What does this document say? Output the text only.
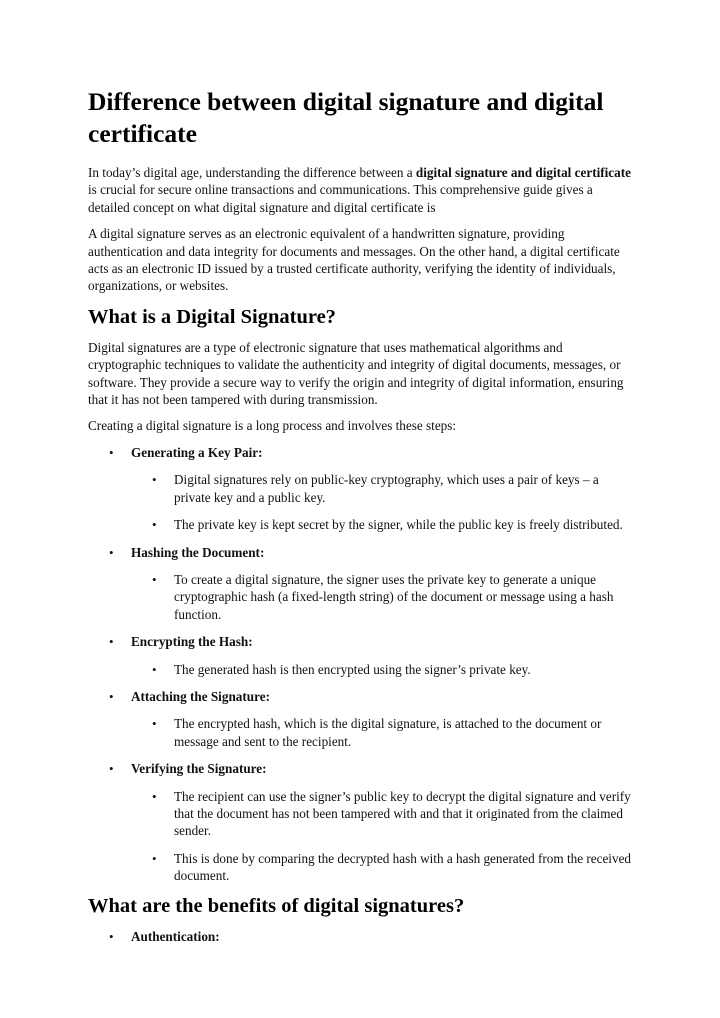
Difference between digital signature and digital certificate

In today’s digital age, understanding the difference between a digital signature and digital certificate is crucial for secure online transactions and communications. This comprehensive guide gives a detailed concept on what digital signature and digital certificate is

A digital signature serves as an electronic equivalent of a handwritten signature, providing authentication and data integrity for documents and messages. On the other hand, a digital certificate acts as an electronic ID issued by a trusted certificate authority, verifying the identity of individuals, organizations, or websites.

What is a Digital Signature?

Digital signatures are a type of electronic signature that uses mathematical algorithms and cryptographic techniques to validate the authenticity and integrity of digital documents, messages, or software. They provide a secure way to verify the origin and integrity of digital information, ensuring that it has not been tampered with during transmission.

Creating a digital signature is a long process and involves these steps:

• Generating a Key Pair:
• Digital signatures rely on public-key cryptography, which uses a pair of keys – a private key and a public key.
• The private key is kept secret by the signer, while the public key is freely distributed.
• Hashing the Document:
• To create a digital signature, the signer uses the private key to generate a unique cryptographic hash (a fixed-length string) of the document or message using a hash function.
• Encrypting the Hash:
• The generated hash is then encrypted using the signer’s private key.
• Attaching the Signature:
• The encrypted hash, which is the digital signature, is attached to the document or message and sent to the recipient.
• Verifying the Signature:
• The recipient can use the signer’s public key to decrypt the digital signature and verify that the document has not been tampered with and that it originated from the claimed sender.
• This is done by comparing the decrypted hash with a hash generated from the received document.
What are the benefits of digital signatures?
• Authentication:
